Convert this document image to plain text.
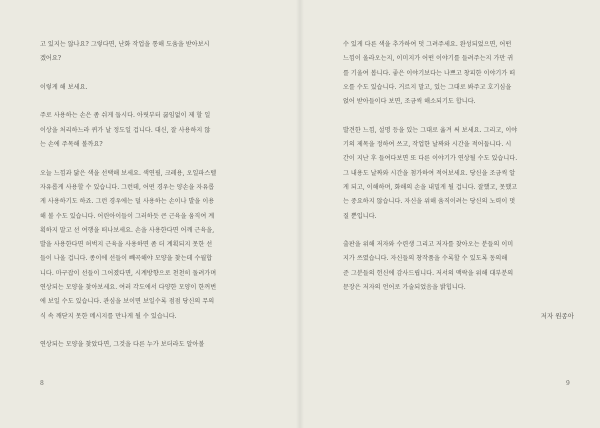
고 있지는 않나요? 그렇다면, 난화 작업을 통해 도움을 받아보시
겠어요?
이렇게 해 보세요.
주로 사용하는 손은 좀 쉬게 둡시다. 아릿부터 끓임없이 제 할 일
이상을 처리하느라 퀴가 날 정도일 겁니다. 대신, 잘 사용하지 않
는 손에 주목해 볼까요?
오늘 느낌과 닮은 색을 선택해 보세요. 색연필, 크레용, 오일파스텔
자유롭게 사용할 수 있습니다. 그런데, 어떤 경우는 양손을 자유롭
게 사용하기도 하죠. 그런 경우에는 덜 사용하는 손이나 발을 이용
해 볼 수도 있습니다. 어린아이들이 그러하듯 큰 근육을 움직여 계
획하지 말고 선 여행을 떠나보세요. 손을 사용한다면 어깨 근육을,
발을 사용한다면 허벅지 근육을 사용하면 좀 더 계획되지 못한 선
들이 나올 겁니다. 종이에 선들이 빼곡해야 모양을 찾는데 수월합
니다. 마구잡이 선들이 그어졌다면, 시계방향으로 천천히 돌려가며
연상되는 모양을 찾아보세요. 여러 각도에서 다양한 모양이 한꺼번
에 보일 수도 있습니다. 관심을 보이면 보일수록 점점 당신의 무의
식 속 깨닫지 못한 메시지를 만나게 될 수 있습니다.
연상되는 모양을 찾았다면, 그것을 다른 누가 보더라도 알아볼
8
수 있게 다른 색을 추가하여 덧 그려주세요. 완성되었으면, 어떤
느낌이 올라오는지, 이미지가 어떤 이야기를 들려주는지 가만 귀
를 기울여 봅니다. 좋은 이야기보다는 나쁘고 창피한 이야기가 떠
오를 수도 있습니다. 거르지 말고, 있는 그대로 봐주고 호기심을
얹어 받아들이다 보면, 조금씩 해소되기도 합니다.
발견한 느낌, 설명 등을 있는 그대로 옮겨 써 보세요. 그리고, 이야
기의 제목을 정하여 쓰고, 작업한 날짜와 시간을 적어둡니다. 시
간이 지난 후 들여다보면 또 다른 이야기가 연상될 수도 있습니다.
그 내용도 날짜와 시간을 첨가하여 적어보세요. 당신을 조금씩 알
게 되고, 이해하며, 화해의 손을 내밀게 될 겁니다. 잘했고, 못했고
는 중요하지 않습니다. 자신을 위해 움직이려는 당신의 노력이 멋
질 뿐입니다.
출판을 위해 저자와 수련생 그리고 저자를 찾아오는 분들의 이미
지가 쓰였습니다. 자신들의 창작품을 수록할 수 있도록 동의해
준 그분들의 헌신에 감사드립니다. 저서의 맥락을 위해 대부분의
문장은 저자의 언어로 가술되었음을 밝힙니다.
저자 원종아
9
